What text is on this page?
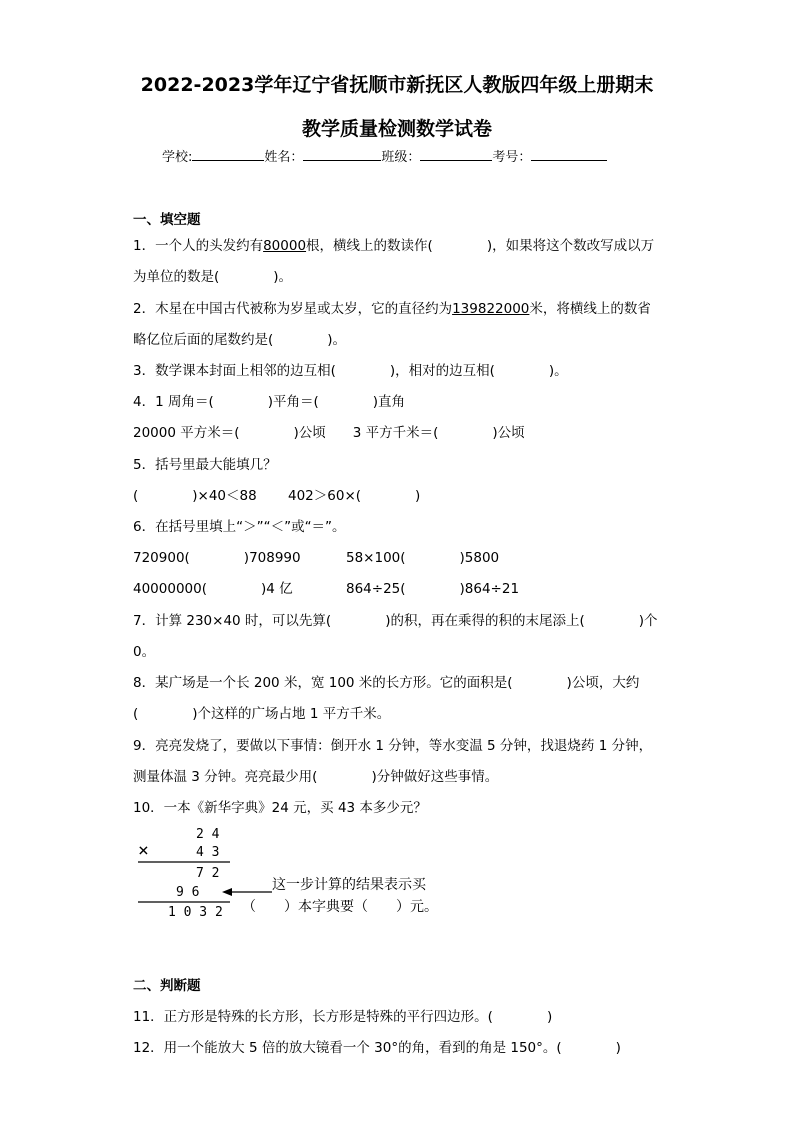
2022-2023学年辽宁省抚顺市新抚区人教版四年级上册期末
教学质量检测数学试卷
学校:	姓名：	班级：	考号：
一、填空题
1．一个人的头发约有80000根，横线上的数读作(　　　　)，如果将这个数改写成以万
为单位的数是(　　　　)。
2．木星在中国古代被称为岁星或太岁，它的直径约为139822000米，将横线上的数省
略亿位后面的尾数约是(　　　　)。
3．数学课本封面上相邻的边互相(　　　　)，相对的边互相(　　　　)。
4．1 周角＝(　　　　)平角＝(　　　　)直角
20000 平方米＝(　　　　)公顷　　3 平方千米＝(　　　　)公顷
5．括号里最大能填几？
(　　　　)×40＜88　　 402＞60×(　　　　)
6．在括号里填上“＞”“＜”或“＝”。
720900(　　　　)708990	58×100(　　　　)5800
40000000(　　　　)4 亿	864÷25(　　　　)864÷21
7．计算 230×40 时，可以先算(　　　　)的积，再在乘得的积的末尾添上(　　　　)个
0。
8．某广场是一个长 200 米，宽 100 米的长方形。它的面积是(　　　　)公顷，大约
(　　　　)个这样的广场占地 1 平方千米。
9．亮亮发烧了，要做以下事情：倒开水 1 分钟，等水变温 5 分钟，找退烧药 1 分钟，
测量体温 3 分钟。亮亮最少用(　　　　)分钟做好这些事情。
10．一本《新华字典》24 元，买 43 本多少元？
2 4
×	4 3
7 2
9 6
1 0 3 2
这一步计算的结果表示买
（　　）本字典要（　　）元。
二、判断题
11．正方形是特殊的长方形，长方形是特殊的平行四边形。(　　　　)
12．用一个能放大 5 倍的放大镜看一个 30°的角，看到的角是 150°。(　　　　)
